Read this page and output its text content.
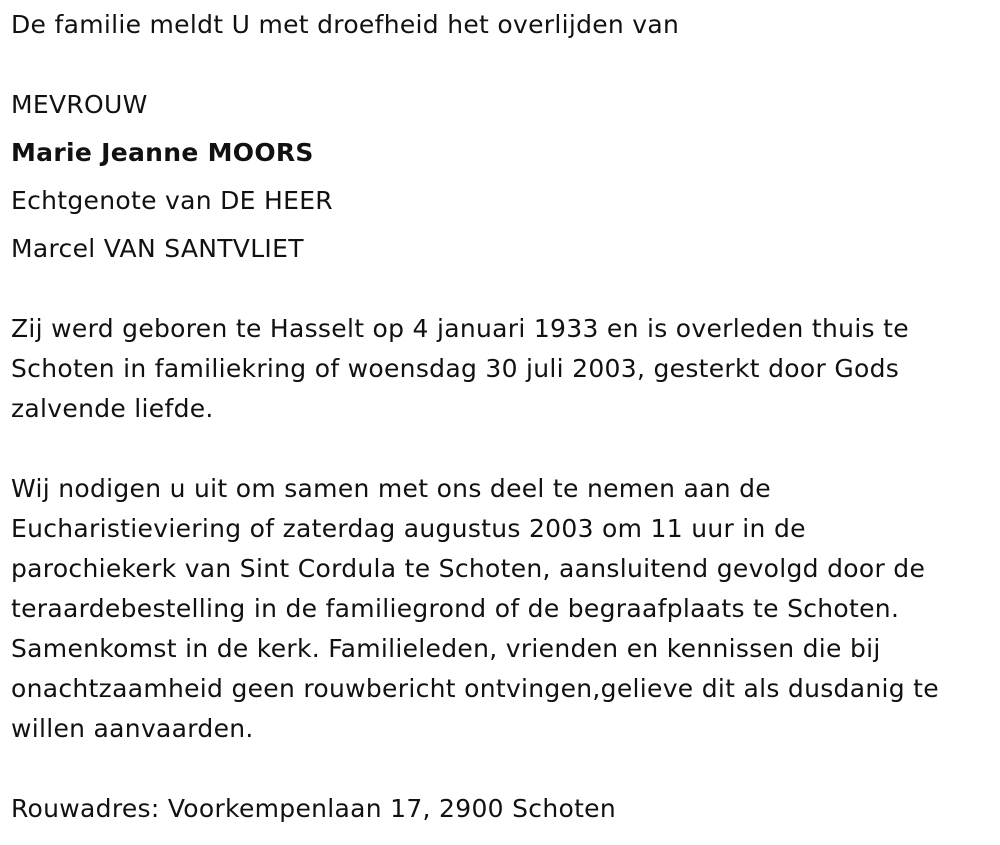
De familie meldt U met droefheid het overlijden van
MEVROUW
Marie Jeanne MOORS
Echtgenote van DE HEER
Marcel VAN SANTVLIET
Zij werd geboren te Hasselt op 4 januari 1933 en is overleden thuis te
Schoten in familiekring of woensdag 30 juli 2003, gesterkt door Gods
zalvende liefde.
Wij nodigen u uit om samen met ons deel te nemen aan de
Eucharistieviering of zaterdag augustus 2003 om 11 uur in de
parochiekerk van Sint Cordula te Schoten, aansluitend gevolgd door de
teraardebestelling in de familiegrond of de begraafplaats te Schoten.
Samenkomst in de kerk. Familieleden, vrienden en kennissen die bij
onachtzaamheid geen rouwbericht ontvingen,gelieve dit als dusdanig te
willen aanvaarden.
Rouwadres: Voorkempenlaan 17, 2900 Schoten
